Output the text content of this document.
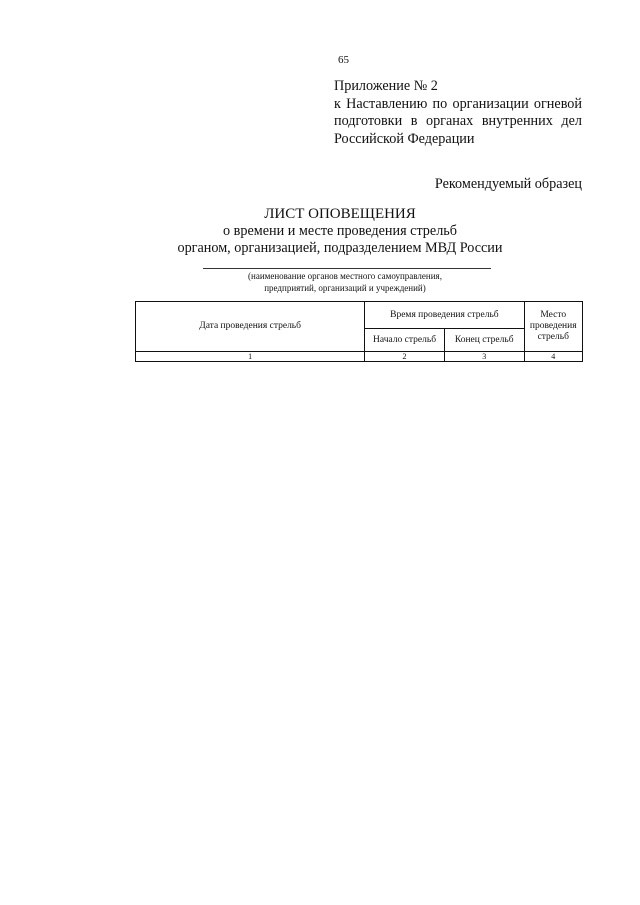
65
Приложение № 2
к Наставлению по организации огневой
подготовки в органах внутренних дел
Российской Федерации
Рекомендуемый образец
ЛИСТ ОПОВЕЩЕНИЯ
о времени и месте проведения стрельб
органом, организацией, подразделением МВД России
(наименование органов местного самоуправления,
предприятий, организаций и учреждений)
Дата проведения стрельб	Время проведения стрельб		Место проведения стрельб
	Начало стрельб	Конец стрельб	
1	2	3	4
